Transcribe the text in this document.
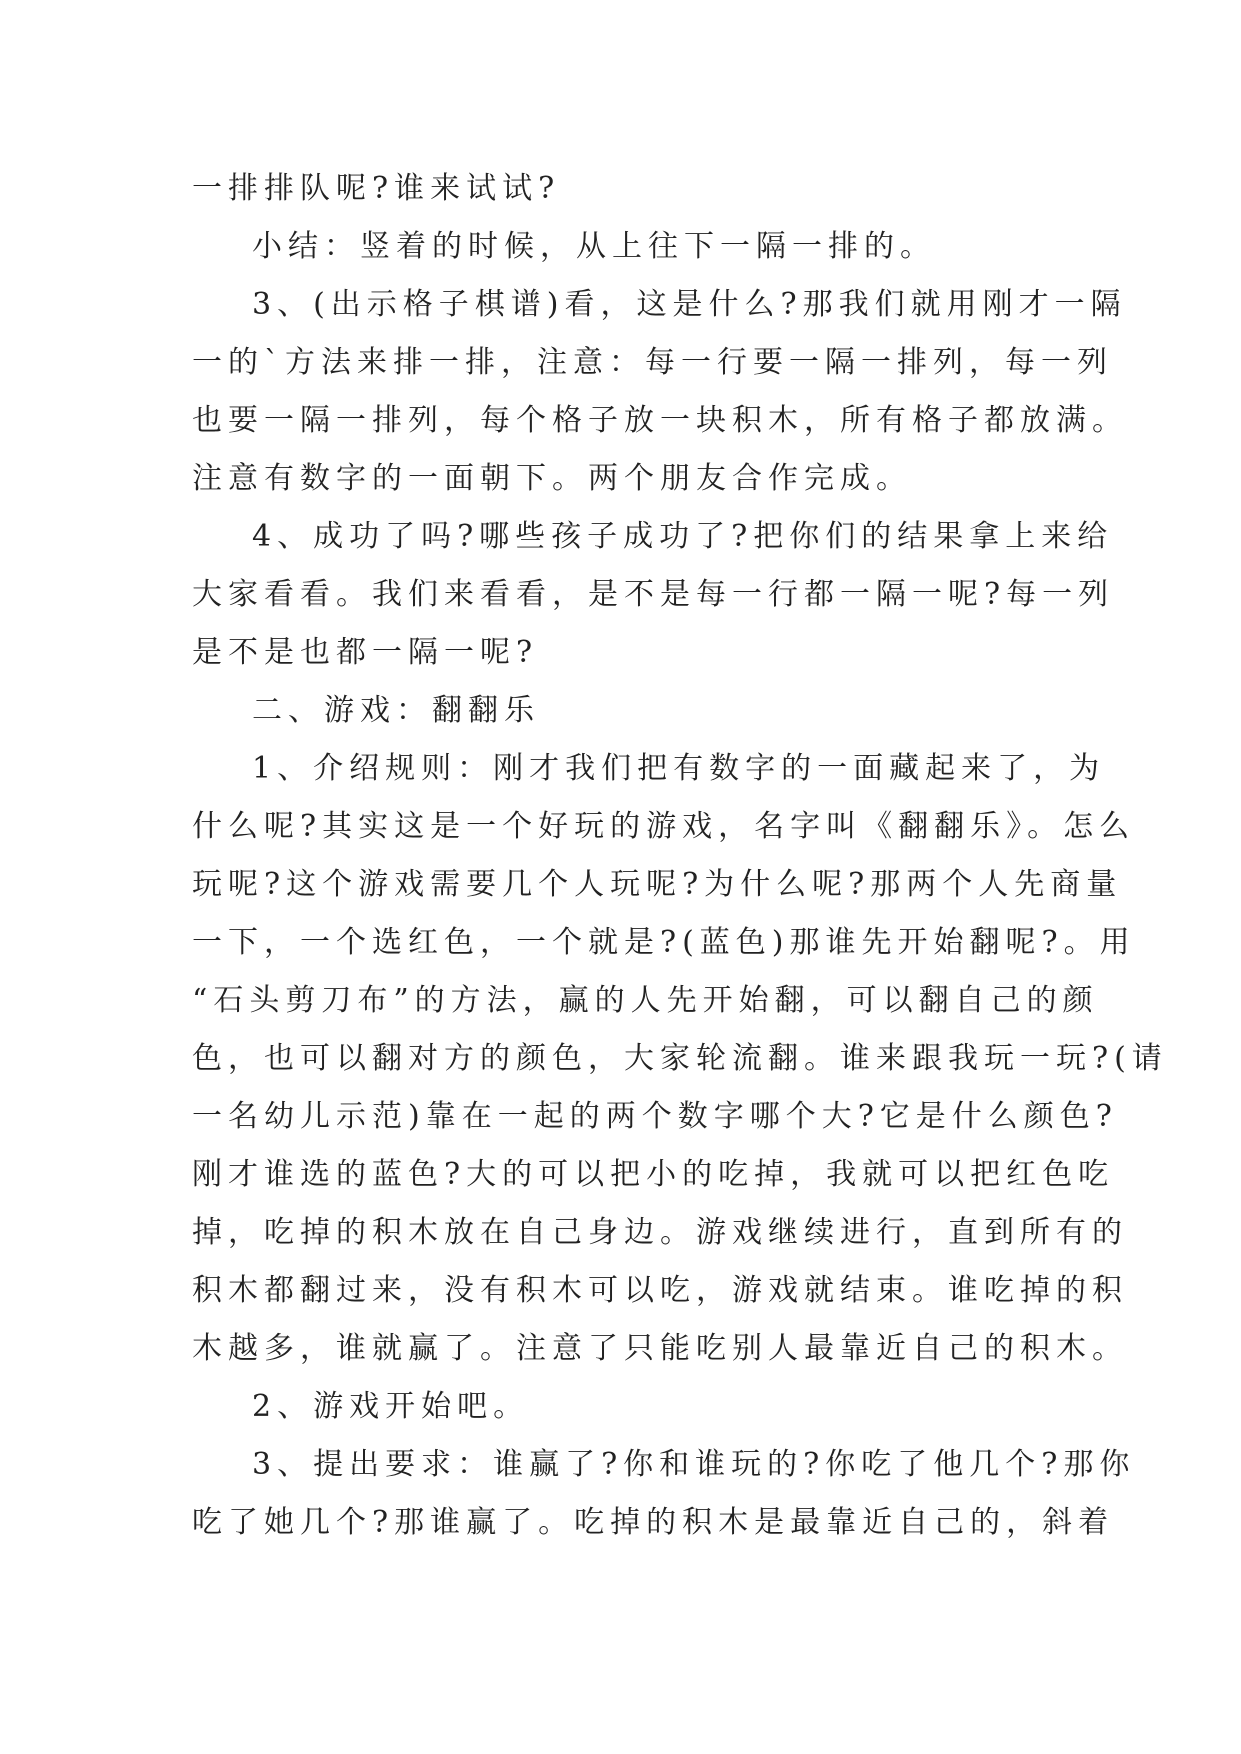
一排排队呢?谁来试试?
小结：竖着的时候，从上往下一隔一排的。
3、(出示格子棋谱)看，这是什么?那我们就用刚才一隔
一的`方法来排一排，注意：每一行要一隔一排列，每一列
也要一隔一排列，每个格子放一块积木，所有格子都放满。
注意有数字的一面朝下。两个朋友合作完成。
4、成功了吗?哪些孩子成功了?把你们的结果拿上来给
大家看看。我们来看看，是不是每一行都一隔一呢?每一列
是不是也都一隔一呢?
二、游戏：翻翻乐
1、介绍规则：刚才我们把有数字的一面藏起来了，为
什么呢?其实这是一个好玩的游戏，名字叫《翻翻乐》。怎么
玩呢?这个游戏需要几个人玩呢?为什么呢?那两个人先商量
一下，一个选红色，一个就是?(蓝色)那谁先开始翻呢?。用
“石头剪刀布”的方法，赢的人先开始翻，可以翻自己的颜
色，也可以翻对方的颜色，大家轮流翻。谁来跟我玩一玩?(请
一名幼儿示范)靠在一起的两个数字哪个大?它是什么颜色?
刚才谁选的蓝色?大的可以把小的吃掉，我就可以把红色吃
掉，吃掉的积木放在自己身边。游戏继续进行，直到所有的
积木都翻过来，没有积木可以吃，游戏就结束。谁吃掉的积
木越多，谁就赢了。注意了只能吃别人最靠近自己的积木。
2、游戏开始吧。
3、提出要求：谁赢了?你和谁玩的?你吃了他几个?那你
吃了她几个?那谁赢了。吃掉的积木是最靠近自己的，斜着
